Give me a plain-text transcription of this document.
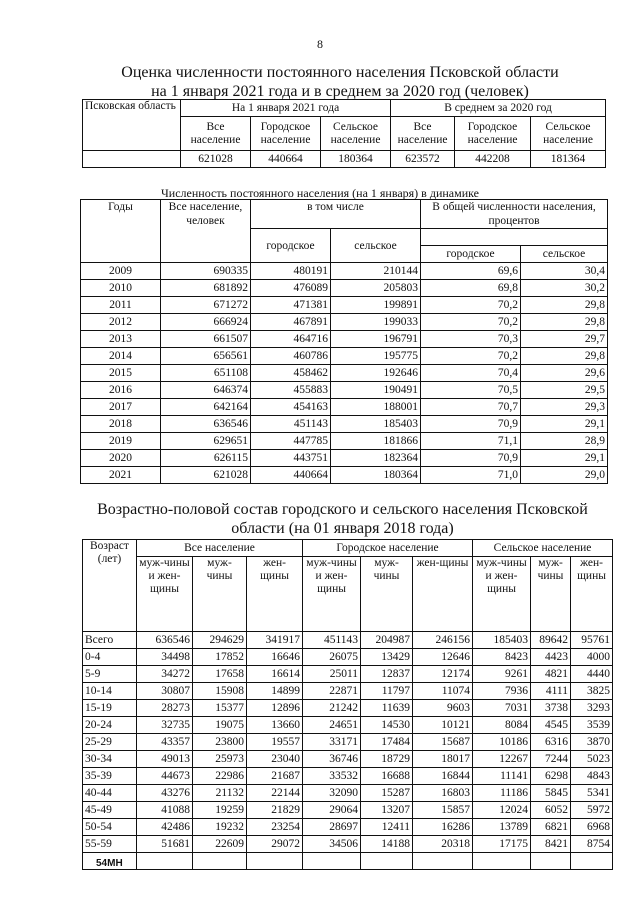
8
Оценка численности постоянного населения Псковской области
на 1 января 2021 года и в среднем за 2020 год (человек)
Псковская область	На 1 января 2021 года			В среднем за 2020 год		
	Все население	Городское население	Сельское население	Все население	Городское население	Сельское население
	621028	440664	180364	623572	442208	181364
Численность постоянного населения (на 1 января) в динамике
Годы	Все население, человек	в том числе		В общей численности населения, процентов	
		городское	сельское		
				городское	сельское
2009	690335	480191	210144	69,6	30,4
2010	681892	476089	205803	69,8	30,2
2011	671272	471381	199891	70,2	29,8
2012	666924	467891	199033	70,2	29,8
2013	661507	464716	196791	70,3	29,7
2014	656561	460786	195775	70,2	29,8
2015	651108	458462	192646	70,4	29,6
2016	646374	455883	190491	70,5	29,5
2017	642164	454163	188001	70,7	29,3
2018	636546	451143	185403	70,9	29,1
2019	629651	447785	181866	71,1	28,9
2020	626115	443751	182364	70,9	29,1
2021	621028	440664	180364	71,0	29,0
Возрастно-половой состав городского и сельского населения Псковской
области (на 01 января 2018 года)
Возраст (лет)	Все население			Городское население			Сельское население		
	муж-чины и жен-щины	муж-чины	жен-щины	муж-чины и жен-щины	муж-чины	жен-щины	муж-чины и жен-щины	муж-чины	жен-щины
Всего	636546	294629	341917	451143	204987	246156	185403	89642	95761
0-4	34498	17852	16646	26075	13429	12646	8423	4423	4000
5-9	34272	17658	16614	25011	12837	12174	9261	4821	4440
10-14	30807	15908	14899	22871	11797	11074	7936	4111	3825
15-19	28273	15377	12896	21242	11639	9603	7031	3738	3293
20-24	32735	19075	13660	24651	14530	10121	8084	4545	3539
25-29	43357	23800	19557	33171	17484	15687	10186	6316	3870
30-34	49013	25973	23040	36746	18729	18017	12267	7244	5023
35-39	44673	22986	21687	33532	16688	16844	11141	6298	4843
40-44	43276	21132	22144	32090	15287	16803	11186	5845	5341
45-49	41088	19259	21829	29064	13207	15857	12024	6052	5972
50-54	42486	19232	23254	28697	12411	16286	13789	6821	6968
55-59	51681	22609	29072	34506	14188	20318	17175	8421	8754

54МН
